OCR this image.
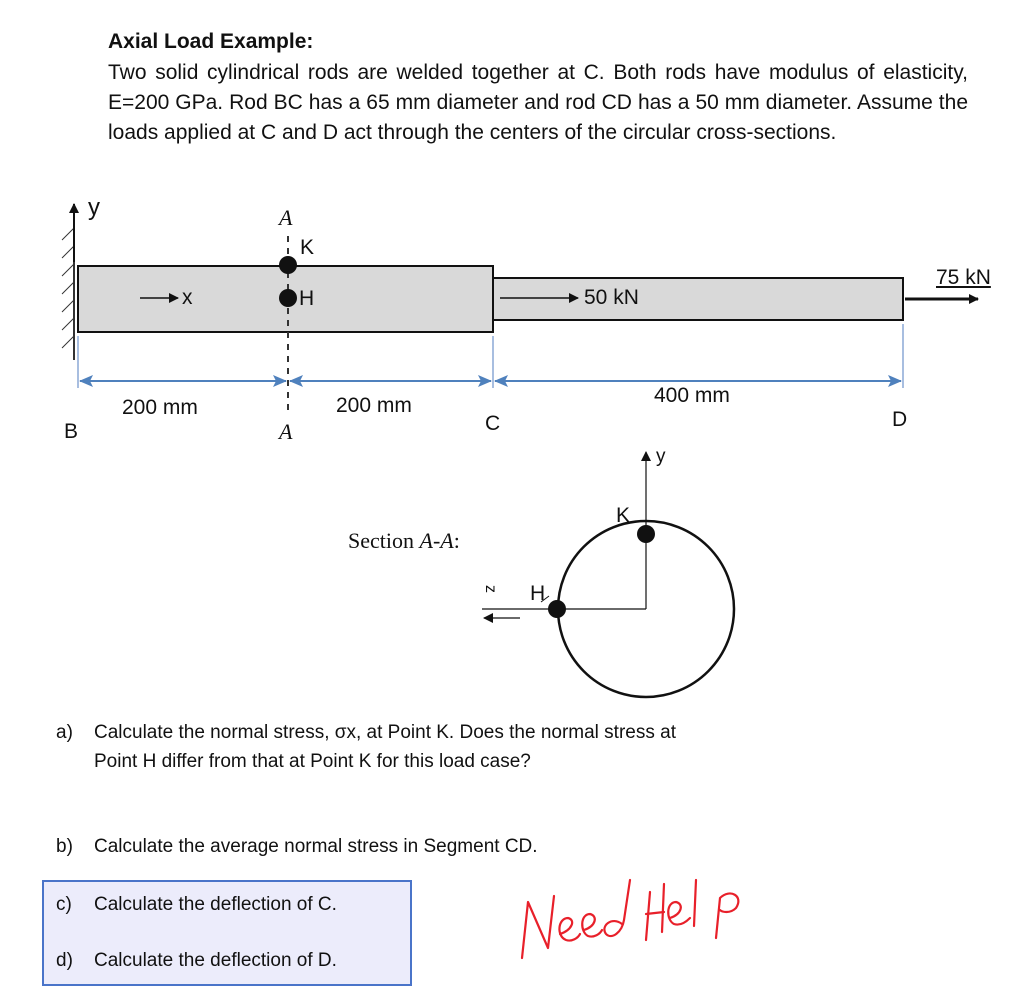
Axial Load Example:
Two solid cylindrical rods are welded together at C. Both rods have modulus of elasticity, E=200 GPa. Rod BC has a 65 mm diameter and rod CD has a 50 mm diameter. Assume the loads applied at C and D act through the centers of the circular cross-sections.
y
x
A
A
K
H	50 kN
75 kN
200 mm	200 mm	400 mm
B	C	D
Section A-A:
y
z
K
H
a) Calculate the normal stress, σx, at Point K. Does the normal stress at Point H differ from that at Point K for this load case?
b) Calculate the average normal stress in Segment CD.
c) Calculate the deflection of C.
d) Calculate the deflection of D.
